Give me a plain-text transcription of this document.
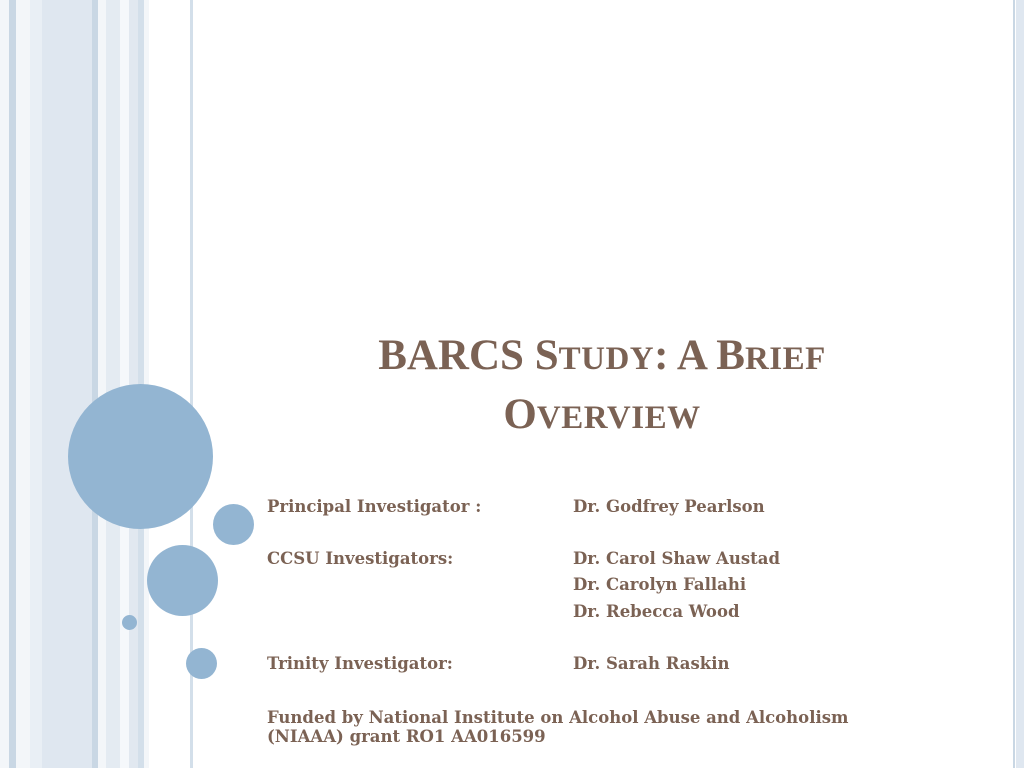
BARCS STUDY: A BRIEF
OVERVIEW
Principal Investigator :	Dr. Godfrey Pearlson
CCSU Investigators:	Dr. Carol Shaw Austad
Dr. Carolyn Fallahi
Dr. Rebecca Wood
Trinity Investigator:	Dr. Sarah Raskin
Funded by National Institute on Alcohol Abuse and Alcoholism
(NIAAA) grant RO1 AA016599
